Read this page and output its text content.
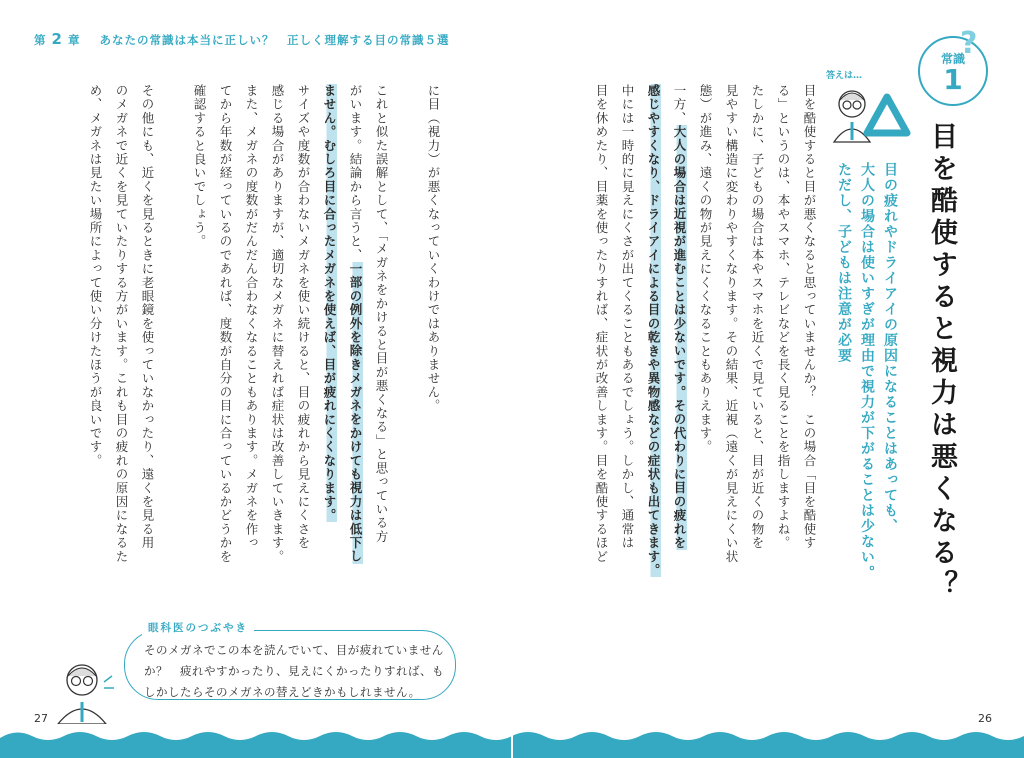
第 2 章 あなたの常識は本当に正しい？　正しく理解する目の常識５選
常識
1
?
答えは…
目を酷使すると視力は悪くなる？
目の疲れやドライアイの原因になることはあっても、
大人の場合は使いすぎが理由で視力が下がることは少ない。
ただし、子どもは注意が必要
目を酷使すると目が悪くなると思っていませんか？　この場合「目を酷使す
る」というのは、本やスマホ、テレビなどを長く見ることを指しますよね。
たしかに、子どもの場合は本やスマホを近くで見ていると、目が近くの物を
見やすい構造に変わりやすくなります。その結果、近視（遠くが見えにくい状
態）が進み、遠くの物が見えにくくなることもありえます。
一方、大人の場合は近視が進むことは少ないです。その代わりに目の疲れを
感じやすくなり、ドライアイによる目の乾きや異物感などの症状も出てきます。
中には一時的に見えにくさが出てくることもあるでしょう。しかし、通常は
目を休めたり、目薬を使ったりすれば、症状が改善します。目を酷使するほど
に目（視力）が悪くなっていくわけではありません。
これと似た誤解として、「メガネをかけると目が悪くなる」と思っている方
がいます。結論から言うと、一部の例外を除きメガネをかけても視力は低下し
ません。むしろ目に合ったメガネを使えば、目が疲れにくくなります。
サイズや度数が合わないメガネを使い続けると、目の疲れから見えにくさを
感じる場合がありますが、適切なメガネに替えれば症状は改善していきます。
また、メガネの度数がだんだん合わなくなることもあります。メガネを作っ
てから年数が経っているのであれば、度数が自分の目に合っているかどうかを
確認すると良いでしょう。
その他にも、近くを見るときに老眼鏡を使っていなかったり、遠くを見る用
のメガネで近くを見ていたりする方がいます。これも目の疲れの原因になるた
め、メガネは見たい場所によって使い分けたほうが良いです。
眼科医のつぶやき
そのメガネでこの本を読んでいて、目が疲れていません
か？　疲れやすかったり、見えにくかったりすれば、も
しかしたらそのメガネの替えどきかもしれません。
27	26
